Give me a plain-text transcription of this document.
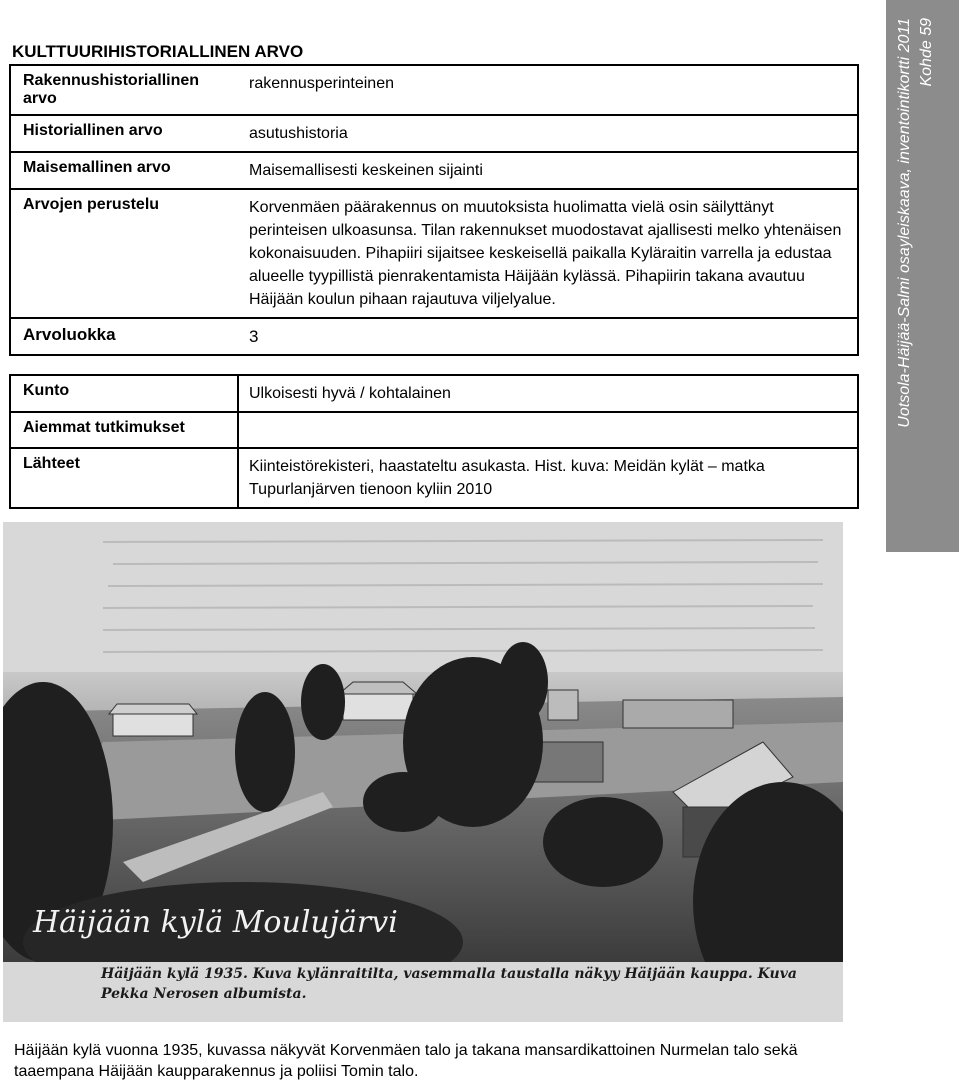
KULTTUURIHISTORIALLINEN ARVO
Rakennushistoriallinen arvo	rakennusperinteinen
Historiallinen arvo	asutushistoria
Maisemallinen arvo	Maisemallisesti keskeinen sijainti
Arvojen perustelu	Korvenmäen päärakennus on muutoksista huolimatta vielä osin säilyttänyt perinteisen ulkoasunsa. Tilan rakennukset muodostavat ajallisesti melko yhtenäisen kokonaisuuden. Pihapiiri sijaitsee keskeisellä paikalla Kyläraitin varrella ja edustaa alueelle tyypillistä pienrakentamista Häijään kylässä. Pihapiirin takana avautuu Häijään koulun pihaan rajautuva viljelyalue.
Arvoluokka	3
Kunto	Ulkoisesti hyvä / kohtalainen
Aiemmat tutkimukset	
Lähteet	Kiinteistörekisteri, haastateltu asukasta. Hist. kuva: Meidän kylät – matka Tupurlanjärven tienoon kyliin 2010
Uotsola-Häijää-Salmi osayleiskaava, inventointikortti 2011 Kohde 59
Häijään kylä Moulujärvi
Häijään kylä 1935. Kuva kylänraitilta, vasemmalla taustalla näkyy Häijään kauppa. Kuva
Pekka Nerosen albumista.
Häijään kylä vuonna 1935, kuvassa näkyvät Korvenmäen talo ja takana mansardikattoinen Nurmelan talo sekä taaempana Häijään kaupparakennus ja poliisi Tomin talo.
